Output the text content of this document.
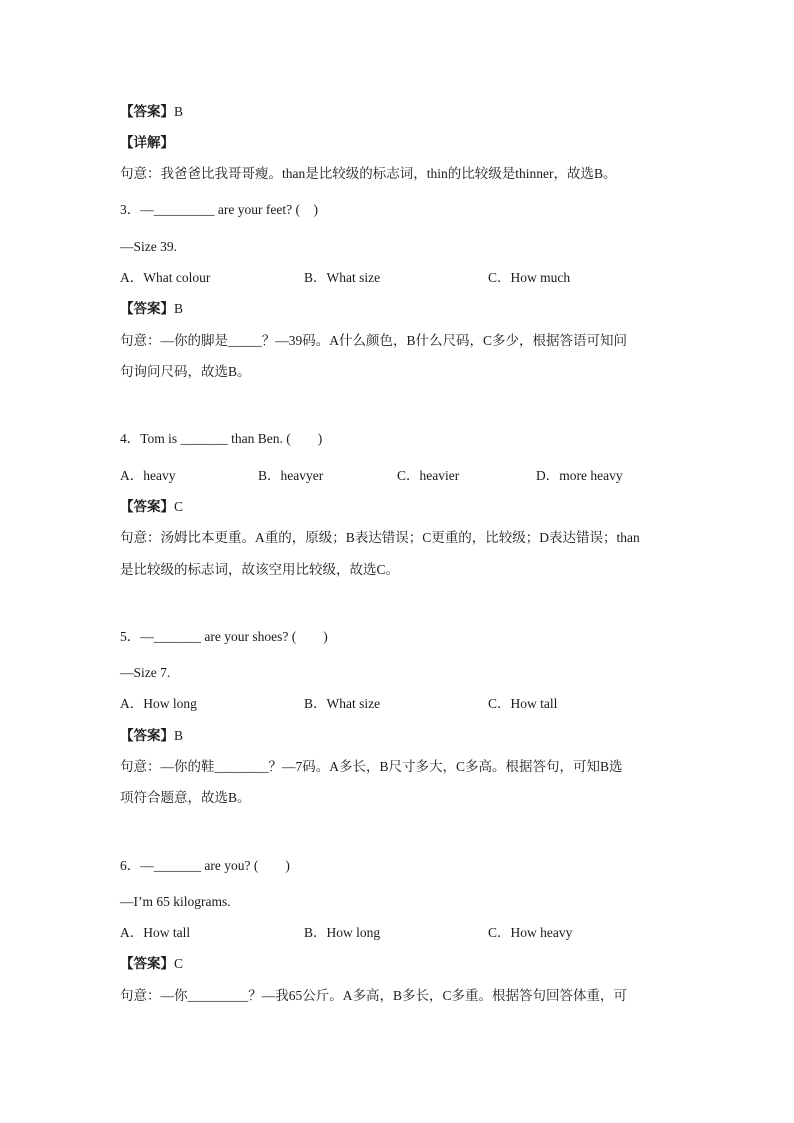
【答案】B
【详解】
句意：我爸爸比我哥哥瘦。than是比较级的标志词，thin的比较级是thinner，故选B。
3．—_________ are your feet? (　)
—Size 39.
A．What colour	B．What size	C．How much
【答案】B
句意：—你的脚是_____？—39码。A什么颜色，B什么尺码，C多少，根据答语可知问
句询问尺码，故选B。
4．Tom is _______ than Ben. (　　)
A．heavy	B．heavyer	C．heavier	D．more heavy
【答案】C
句意：汤姆比本更重。A重的，原级；B表达错误；C更重的，比较级；D表达错误；than
是比较级的标志词，故该空用比较级，故选C。
5．—_______ are your shoes? (　　)
—Size 7.
A．How long	B．What size	C．How tall
【答案】B
句意：—你的鞋________？—7码。A多长，B尺寸多大，C多高。根据答句，可知B选
项符合题意，故选B。
6．—_______ are you? (　　)
—I’m 65 kilograms.
A．How tall	B．How long	C．How heavy
【答案】C
句意：—你_________？—我65公斤。A多高，B多长，C多重。根据答句回答体重，可
